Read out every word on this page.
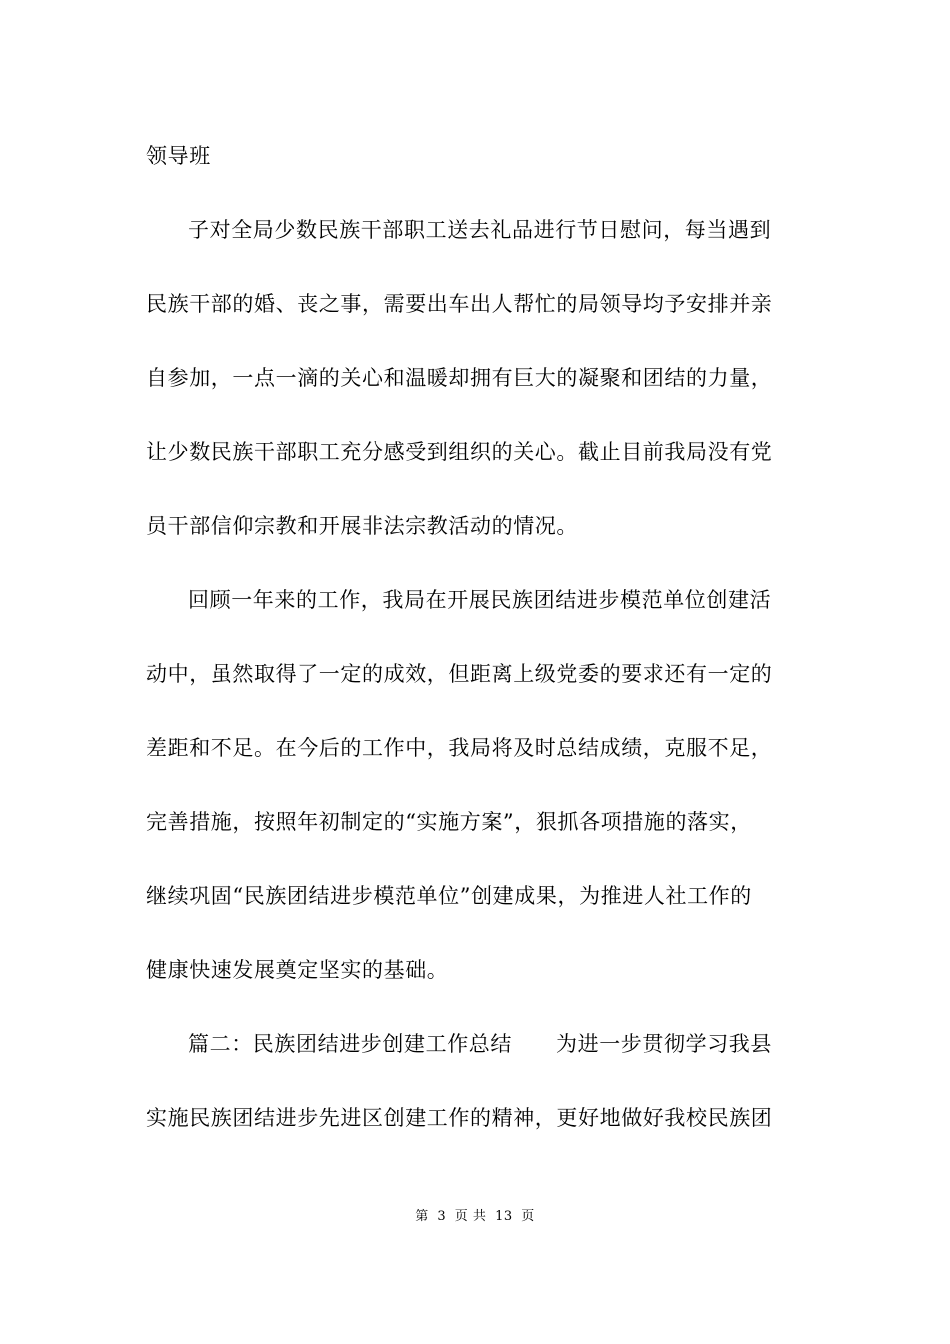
领导班
子对全局少数民族干部职工送去礼品进行节日慰问，每当遇到
民族干部的婚、丧之事，需要出车出人帮忙的局领导均予安排并亲
自参加，一点一滴的关心和温暖却拥有巨大的凝聚和团结的力量，
让少数民族干部职工充分感受到组织的关心。截止目前我局没有党
员干部信仰宗教和开展非法宗教活动的情况。
回顾一年来的工作，我局在开展民族团结进步模范单位创建活
动中，虽然取得了一定的成效，但距离上级党委的要求还有一定的
差距和不足。在今后的工作中，我局将及时总结成绩，克服不足，
完善措施，按照年初制定的“实施方案”，狠抓各项措施的落实，
继续巩固“民族团结进步模范单位”创建成果，为推进人社工作的
健康快速发展奠定坚实的基础。
篇二：民族团结进步创建工作总结 为进一步贯彻学习我县
实施民族团结进步先进区创建工作的精神，更好地做好我校民族团
第 3 页 共 13 页
